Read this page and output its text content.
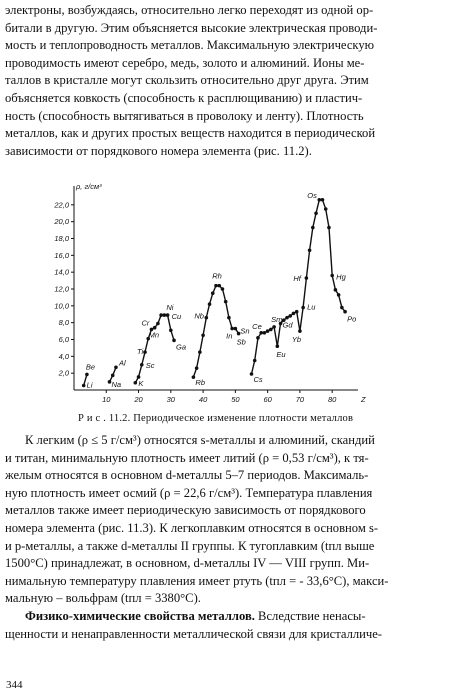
электроны, возбуждаясь, относительно легко переходят из одной ор-
битали в другую. Этим объясняется высокие электрическая проводи-
мость и теплопроводность металлов. Максимальную электрическую
проводимость имеют серебро, медь, золото и алюминий. Ионы ме-
таллов в кристалле могут скользить относительно друг друга. Этим
объясняется ковкость (способность к расплющиванию) и пластич-
ность (способность вытягиваться в проволоку и ленту). Плотность
металлов, как и других простых веществ находится в периодической
зависимости от порядкового номера элемента (рис. 11.2).
2,0
4,0
6,0
8,0
10,0
12,0
14,0
16,0
18,0
20,0
22,0
10	20	30	40	50	60	70	80
ρ, г/см³
Z
Li
Be
Na
Al
K
Sc
Ti
Cr
Mn
Ni
Cu
Ga
Rb
Nb
Rh
In
Sn
Sb
Cs
Ce
Sm
Eu
Gd
Yb
Lu
Hf
Os
Hg
Po
Р и с . 11.2. Периодическое изменение плотности металлов
К легким (ρ ≤ 5 г/см³) относятся s-металлы и алюминий, скандий
и титан, минимальную плотность имеет литий (ρ = 0,53 г/см³), к тя-
желым относятся в основном d-металлы 5–7 периодов. Максималь-
ную плотность имеет осмий (ρ = 22,6 г/см³). Температура плавления
металлов также имеет периодическую зависимость от порядкового
номера элемента (рис. 11.3). К легкоплавким относятся в основном s-
и p-металлы, а также d-металлы II группы. К тугоплавким (tпл выше
1500°С) принадлежат, в основном, d-металлы IV — VIII групп. Ми-
нимальную температуру плавления имеет ртуть (tпл = - 33,6°С), макси-
мальную – вольфрам (tпл = 3380°С).
Физико-химические свойства металлов. Вследствие ненасы-
щенности и ненаправленности металлической связи для кристалличе-
344
